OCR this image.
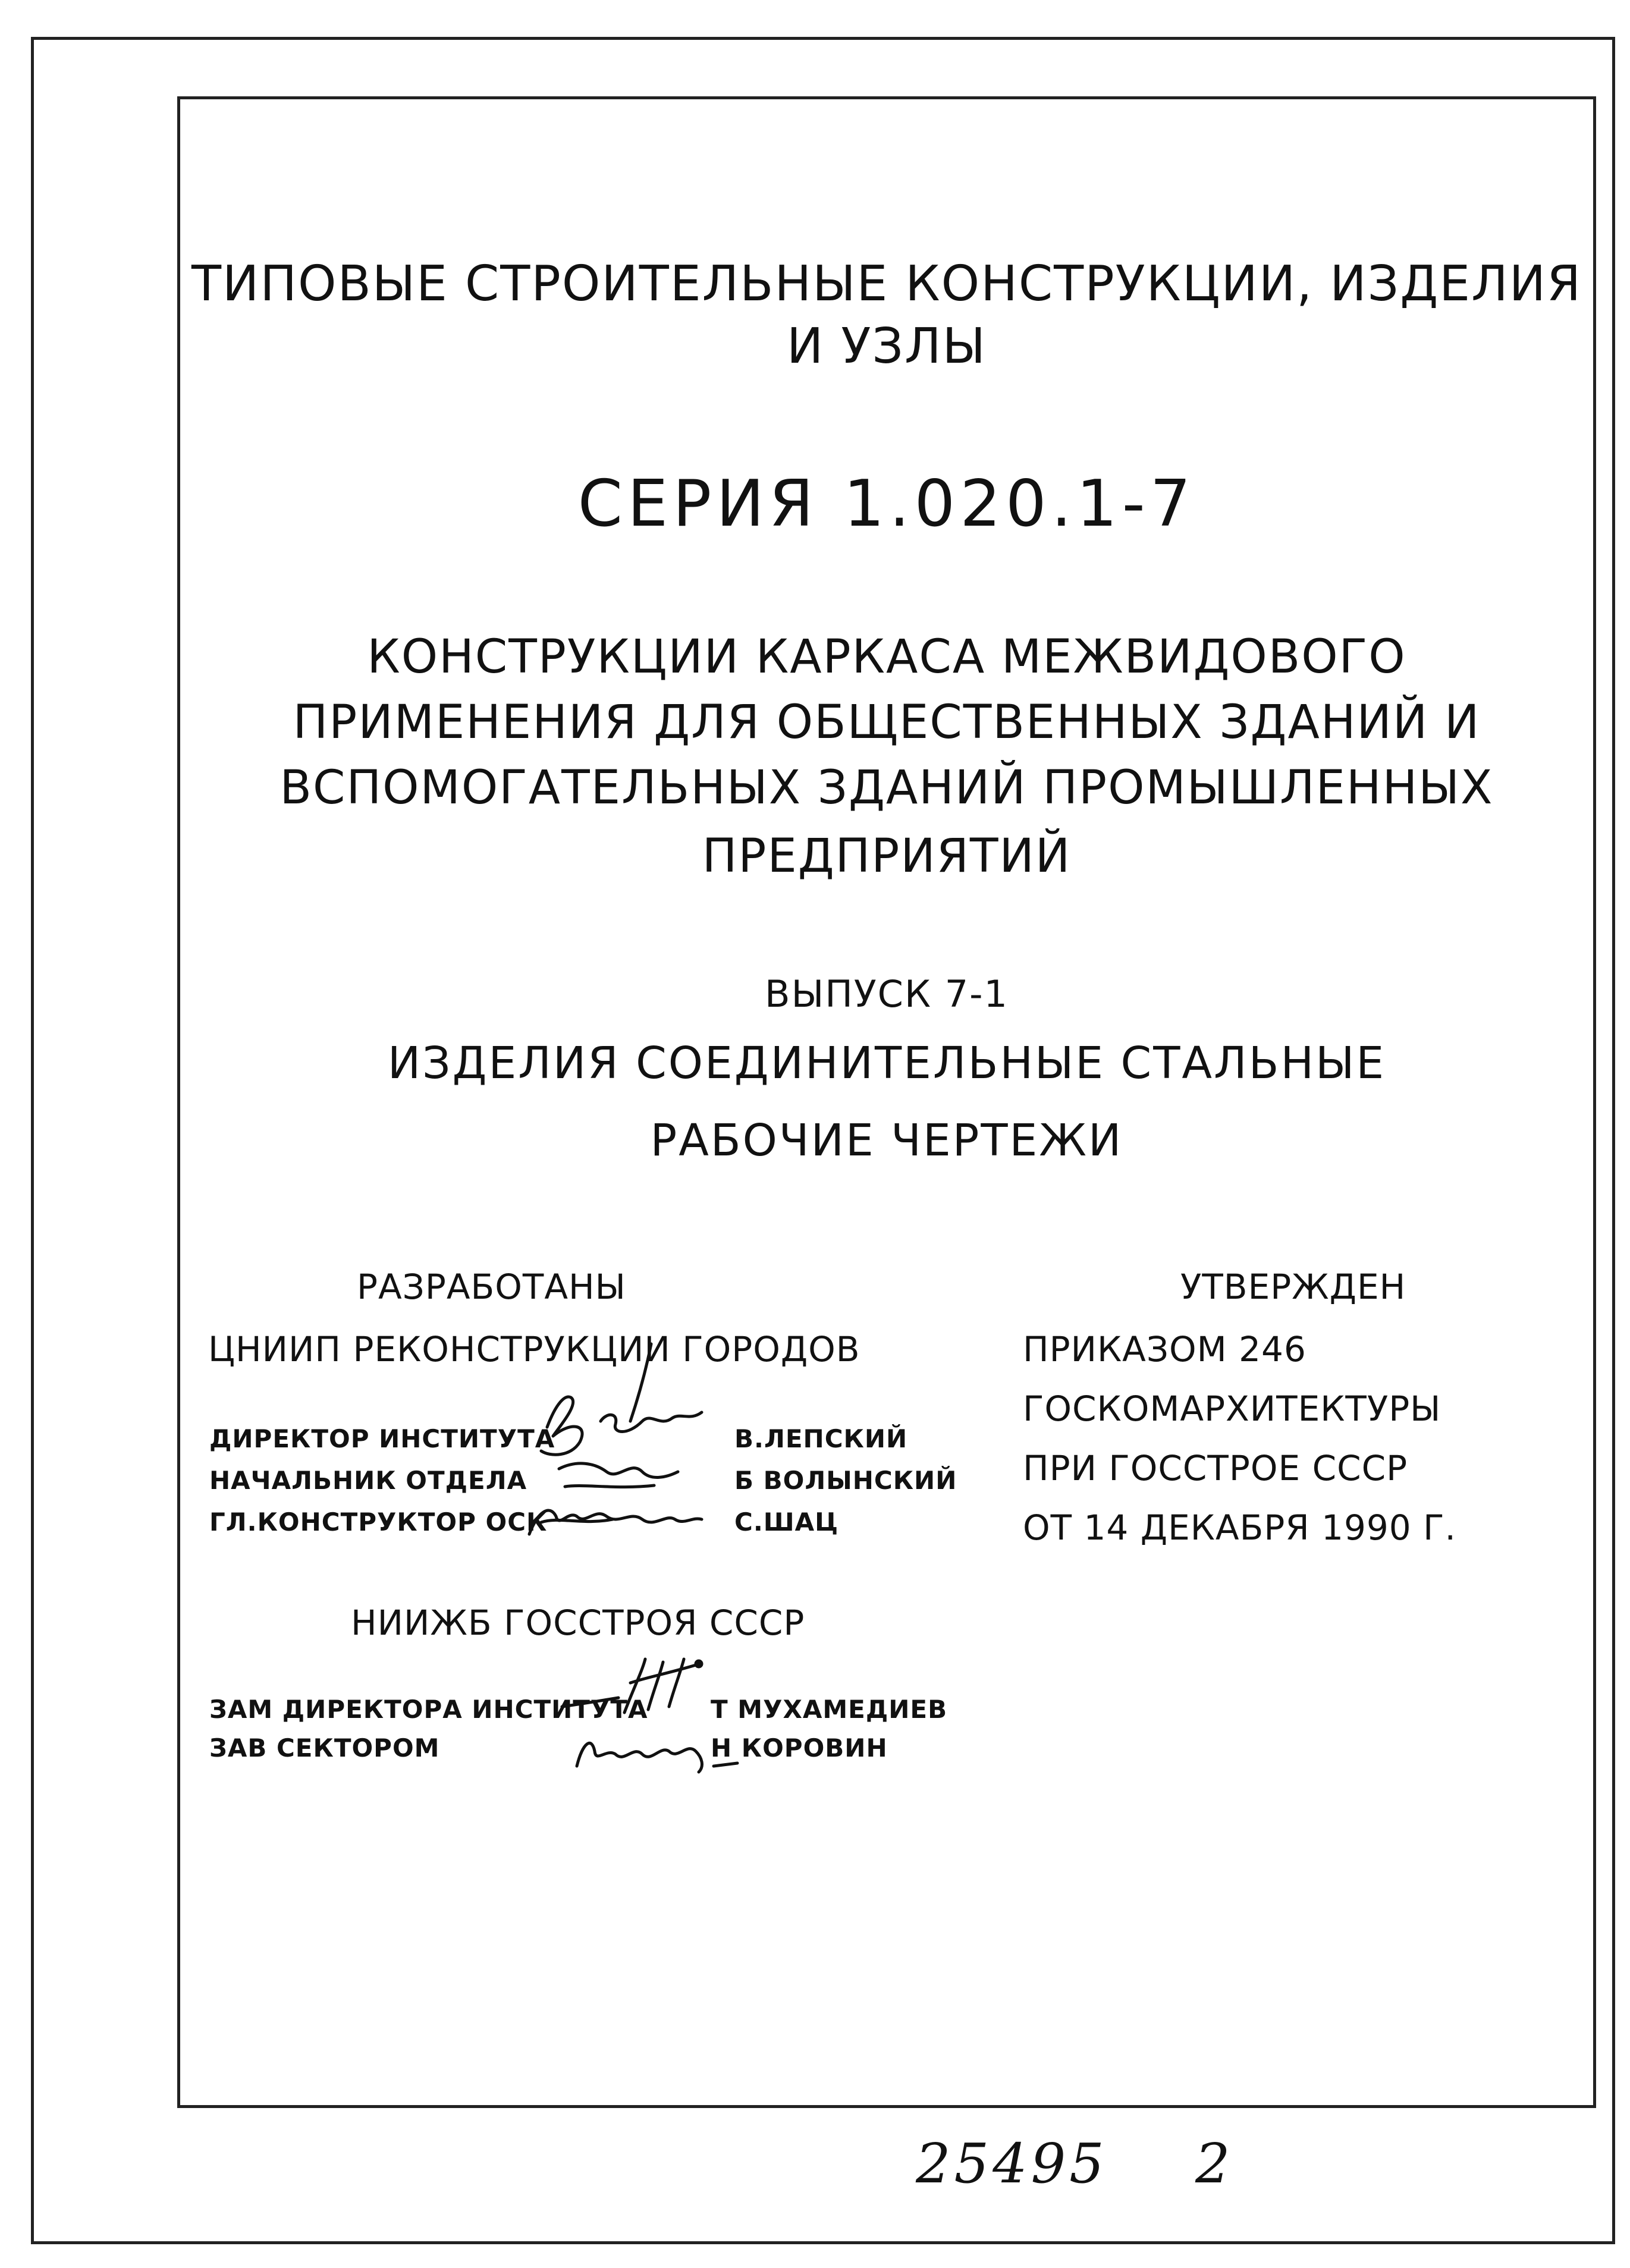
ТИПОВЫЕ СТРОИТЕЛЬНЫЕ КОНСТРУКЦИИ, ИЗДЕЛИЯ
И УЗЛЫ
СЕРИЯ 1.020.1-7
КОНСТРУКЦИИ КАРКАСА МЕЖВИДОВОГО
ПРИМЕНЕНИЯ ДЛЯ ОБЩЕСТВЕННЫХ ЗДАНИЙ И
ВСПОМОГАТЕЛЬНЫХ ЗДАНИЙ ПРОМЫШЛЕННЫХ
ПРЕДПРИЯТИЙ
ВЫПУСК 7-1
ИЗДЕЛИЯ СОЕДИНИТЕЛЬНЫЕ СТАЛЬНЫЕ
РАБОЧИЕ ЧЕРТЕЖИ
РАЗРАБОТАНЫ
ЦНИИП РЕКОНСТРУКЦИИ ГОРОДОВ
ДИРЕКТОР ИНСТИТУТА
НАЧАЛЬНИК ОТДЕЛА
ГЛ.КОНСТРУКТОР ОСК
В.ЛЕПСКИЙ
Б ВОЛЫНСКИЙ
С.ШАЦ
УТВЕРЖДЕН
ПРИКАЗОМ 246
ГОСКОМАРХИТЕКТУРЫ
ПРИ ГОССТРОЕ СССР
ОТ 14 ДЕКАБРЯ 1990 Г.
НИИЖБ ГОССТРОЯ СССР
ЗАМ ДИРЕКТОРА ИНСТИТУТА
ЗАВ СЕКТОРОМ
Т МУХАМЕДИЕВ
Н КОРОВИН
25495 2
